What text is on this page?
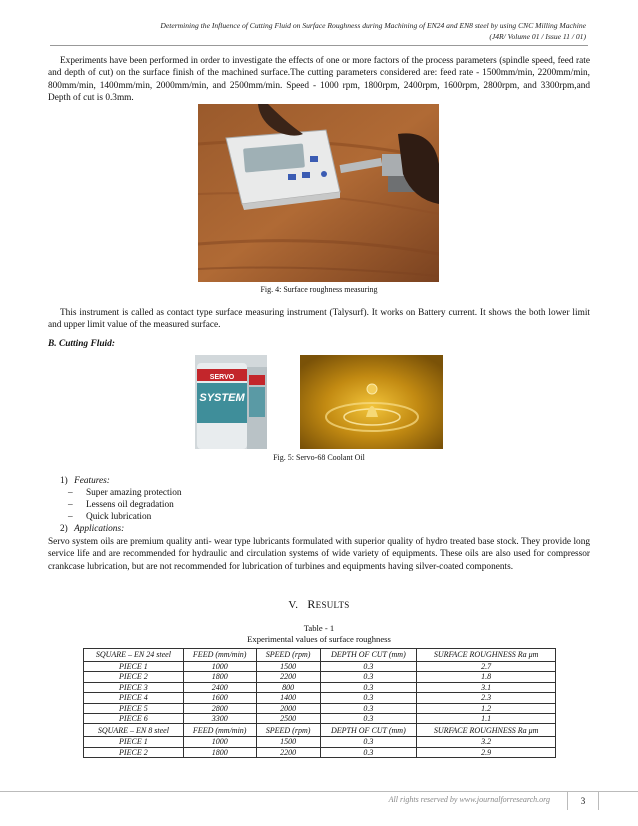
Determining the Influence of Cutting Fluid on Surface Roughness during Machining of EN24 and EN8 steel by using CNC Milling Machine
(J4R/ Volume 01 / Issue 11 / 01)

Experiments have been performed in order to investigate the effects of one or more factors of the process parameters (spindle speed, feed rate and depth of cut) on the surface finish of the machined surface.The cutting parameters considered are: feed rate - 1500mm/min, 2200mm/min, 800mm/min, 1400mm/min, 2000mm/min, and 2500mm/min. Speed - 1000 rpm, 1800rpm, 2400rpm, 1600rpm, 2800rpm, and 3300rpm,and Depth of cut is 0.3mm.

Fig. 4: Surface roughness measuring

This instrument is called as contact type surface measuring instrument (Talysurf). It works on Battery current. It shows the both lower limit and upper limit value of the measured surface.

B. Cutting Fluid:
SERVO
SYSTEM
Fig. 5: Servo-68 Coolant Oil
1) Features:
– Super amazing protection
– Lessens oil degradation
– Quick lubrication
2) Applications:

Servo system oils are premium quality anti- wear type lubricants formulated with superior quality of hydro treated base stock. They provide long service life and are recommended for hydraulic and circulation systems of wide variety of equipments. These oils are also used for compressor crankcase lubrication, but are not recommended for lubrication of turbines and equipments having silver-coated components.

V. RESULTS
Table - 1
Experimental values of surface roughness
SQUARE – EN 24 steel	FEED (mm/min)	SPEED (rpm)	DEPTH OF CUT (mm)	SURFACE ROUGHNESS Ra μm
PIECE 1	1000	1500	0.3	2.7
PIECE 2	1800	2200	0.3	1.8
PIECE 3	2400	800	0.3	3.1
PIECE 4	1600	1400	0.3	2.3
PIECE 5	2800	2000	0.3	1.2
PIECE 6	3300	2500	0.3	1.1
SQUARE – EN 8 steel	FEED (mm/min)	SPEED (rpm)	DEPTH OF CUT (mm)	SURFACE ROUGHNESS Ra μm
PIECE 1	1000	1500	0.3	3.2
PIECE 2	1800	2200	0.3	2.9
All rights reserved by www.journalforresearch.org	3
